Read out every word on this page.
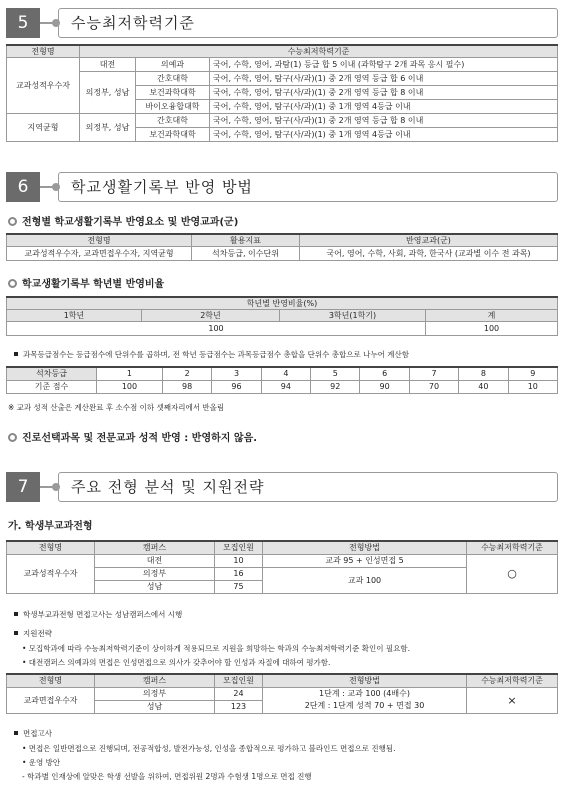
5	수능최저학력기준
전형명	수능최저학력기준		
교과성적우수자	대전	의예과	국어, 수학, 영어, 과탐(1) 등급 합 5 이내 (과학탐구 2개 과목 응시 필수)
	의정부, 성남	간호대학	국어, 수학, 영어, 탐구(사/과)(1) 중 2개 영역 등급 합 6 이내
		보건과학대학	국어, 수학, 영어, 탐구(사/과)(1) 중 2개 영역 등급 합 8 이내
		바이오융합대학	국어, 수학, 영어, 탐구(사/과)(1) 중 1개 영역 4등급 이내
지역균형	의정부, 성남	간호대학	국어, 수학, 영어, 탐구(사/과)(1) 중 2개 영역 등급 합 8 이내
		보건과학대학	국어, 수학, 영어, 탐구(사/과)(1) 중 1개 영역 4등급 이내
6	학교생활기록부 반영 방법
전형별 학교생활기록부 반영요소 및 반영교과(군)
전형명	활용지표	반영교과(군)
교과성적우수자, 교과면접우수자, 지역균형	석차등급, 이수단위	국어, 영어, 수학, 사회, 과학, 한국사 (교과별 이수 전 과목)
학교생활기록부 학년별 반영비율
학년별 반영비율(%)			
1학년	2학년	3학년(1학기)	계
100			100
과목등급점수는 등급점수에 단위수를 곱하며, 전 학년 등급점수는 과목등급점수 총합을 단위수 총합으로 나누어 계산함
석차등급	1	2	3	4	5	6	7	8	9
기준 점수	100	98	96	94	92	90	70	40	10
※ 교과 성적 산출은 계산완료 후 소수점 이하 셋째자리에서 반올림
진로선택과목 및 전문교과 성적 반영 : 반영하지 않음.
7	주요 전형 분석 및 지원전략
가. 학생부교과전형
전형명	캠퍼스	모집인원	전형방법	수능최저학력기준
교과성적우수자	대전	10	교과 95 + 인성면접 5	○
	의정부	16	교과 100	
	성남	75		
학생부교과전형 면접고사는 성남캠퍼스에서 시행
지원전략
• 모집학과에 따라 수능최저학력기준이 상이하게 적용되므로 지원을 희망하는 학과의 수능최저학력기준 확인이 필요함.
• 대전캠퍼스 의예과의 면접은 인성면접으로 의사가 갖추어야 할 인성과 자질에 대하여 평가함.
전형명	캠퍼스	모집인원	전형방법	수능최저학력기준
교과면접우수자	의정부	24	1단계 : 교과 100 (4배수)
2단계 : 1단계 성적 70 + 면접 30	×
	성남	123		
면접고사
• 면접은 일반면접으로 진행되며, 전공적합성, 발전가능성, 인성을 종합적으로 평가하고 블라인드 면접으로 진행됨.
• 운영 방안
- 학과별 인재상에 알맞은 학생 선발을 위하여, 면접위원 2명과 수험생 1명으로 면접 진행
